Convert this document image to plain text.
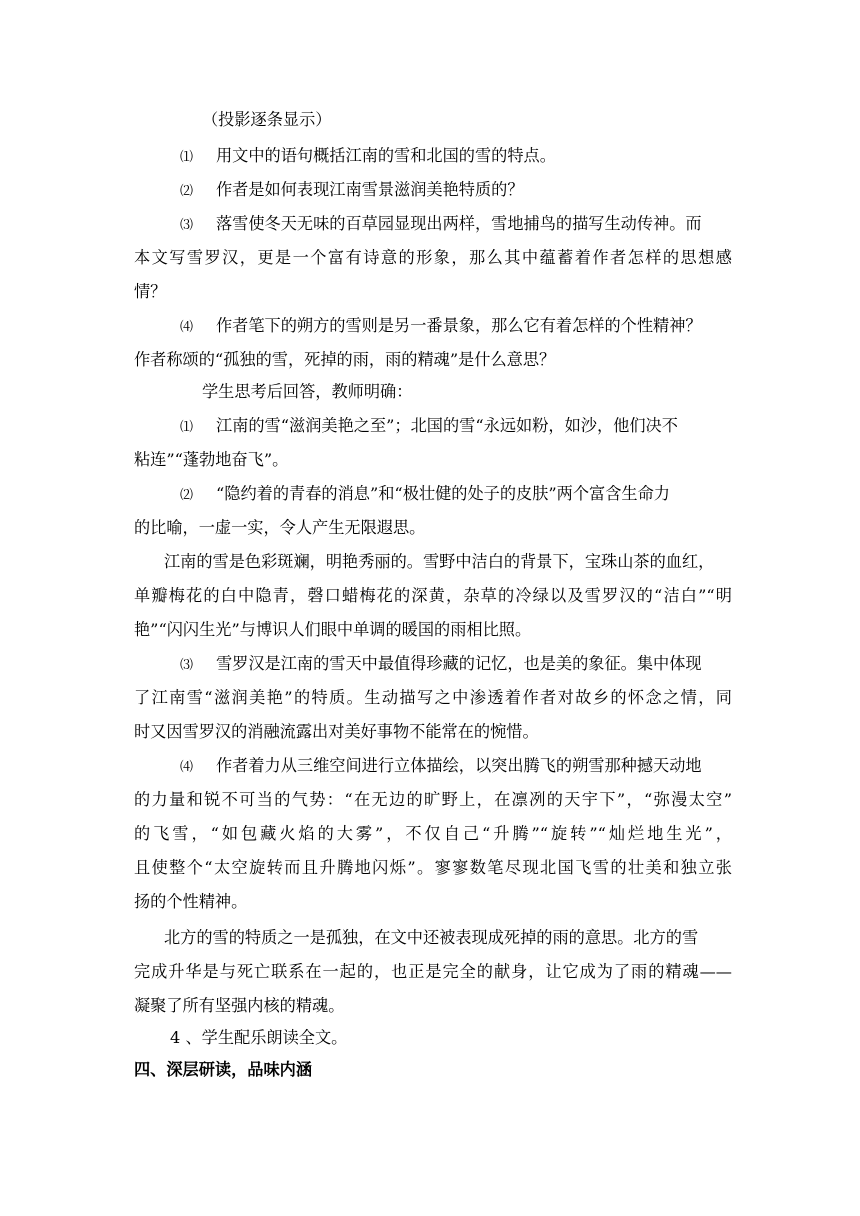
（投影逐条显示）
⑴ 用文中的语句概括江南的雪和北国的雪的特点。
⑵ 作者是如何表现江南雪景滋润美艳特质的？
⑶ 落雪使冬天无味的百草园显现出两样，雪地捕鸟的描写生动传神。而
本文写雪罗汉，更是一个富有诗意的形象，那么其中蕴蓄着作者怎样的思想感
情？
⑷ 作者笔下的朔方的雪则是另一番景象，那么它有着怎样的个性精神？
作者称颂的“孤独的雪，死掉的雨，雨的精魂”是什么意思？
学生思考后回答，教师明确：
⑴ 江南的雪“滋润美艳之至”；北国的雪“永远如粉，如沙，他们决不
粘连”“蓬勃地奋飞”。
⑵ “隐约着的青春的消息”和“极壮健的处子的皮肤”两个富含生命力
的比喻，一虚一实，令人产生无限遐思。
江南的雪是色彩斑斓，明艳秀丽的。雪野中洁白的背景下，宝珠山茶的血红，
单瓣梅花的白中隐青，磬口蜡梅花的深黄，杂草的冷绿以及雪罗汉的“洁白”“明
艳”“闪闪生光”与博识人们眼中单调的暖国的雨相比照。
⑶ 雪罗汉是江南的雪天中最值得珍藏的记忆，也是美的象征。集中体现
了江南雪“滋润美艳”的特质。生动描写之中渗透着作者对故乡的怀念之情，同
时又因雪罗汉的消融流露出对美好事物不能常在的惋惜。
⑷ 作者着力从三维空间进行立体描绘，以突出腾飞的朔雪那种撼天动地
的力量和锐不可当的气势：“在无边的旷野上，在凛冽的天宇下”，“弥漫太空”
的飞雪，“如包藏火焰的大雾”，不仅自己“升腾”“旋转”“灿烂地生光”，
且使整个“太空旋转而且升腾地闪烁”。寥寥数笔尽现北国飞雪的壮美和独立张
扬的个性精神。
北方的雪的特质之一是孤独，在文中还被表现成死掉的雨的意思。北方的雪
完成升华是与死亡联系在一起的，也正是完全的献身，让它成为了雨的精魂——
凝聚了所有坚强内核的精魂。
4 、学生配乐朗读全文。
四、深层研读，品味内涵
